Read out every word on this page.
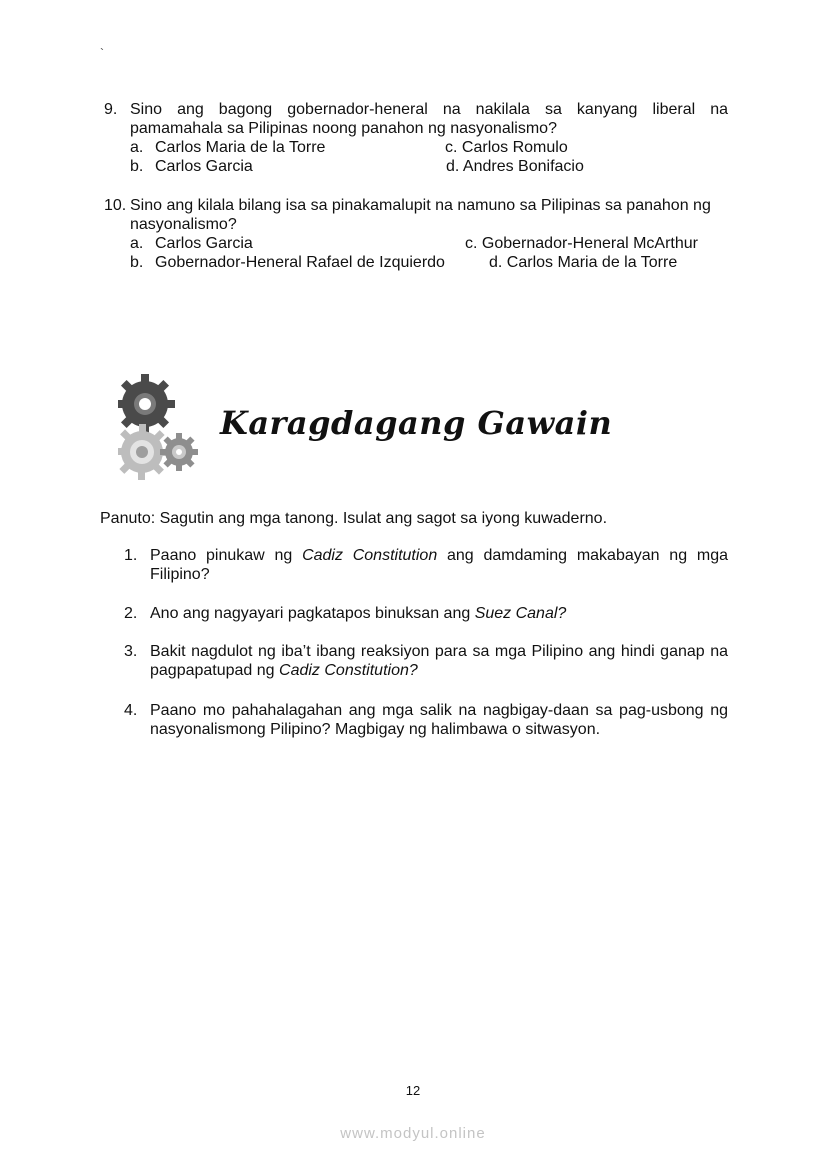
`
9. Sino ang bagong gobernador-heneral na nakilala sa kanyang liberal na pamamahala sa Pilipinas noong panahon ng nasyonalismo?
a. Carlos Maria de la Torre	c. Carlos Romulo
b. Carlos Garcia	d. Andres Bonifacio
10. Sino ang kilala bilang isa sa pinakamalupit na namuno sa Pilipinas sa panahon ng nasyonalismo?
a. Carlos Garcia	c. Gobernador-Heneral McArthur
b. Gobernador-Heneral Rafael de Izquierdo	d. Carlos Maria de la Torre
Karagdagang Gawain
Panuto: Sagutin ang mga tanong. Isulat ang sagot sa iyong kuwaderno.
1. Paano pinukaw ng Cadiz Constitution ang damdaming makabayan ng mga Filipino?
2. Ano ang nagyayari pagkatapos binuksan ang Suez Canal?
3. Bakit nagdulot ng iba’t ibang reaksiyon para sa mga Pilipino ang hindi ganap na pagpapatupad ng Cadiz Constitution?
4. Paano mo pahahalagahan ang mga salik na nagbigay-daan sa pag-usbong ng nasyonalismong Pilipino? Magbigay ng halimbawa o sitwasyon.
12
www.modyul.online
